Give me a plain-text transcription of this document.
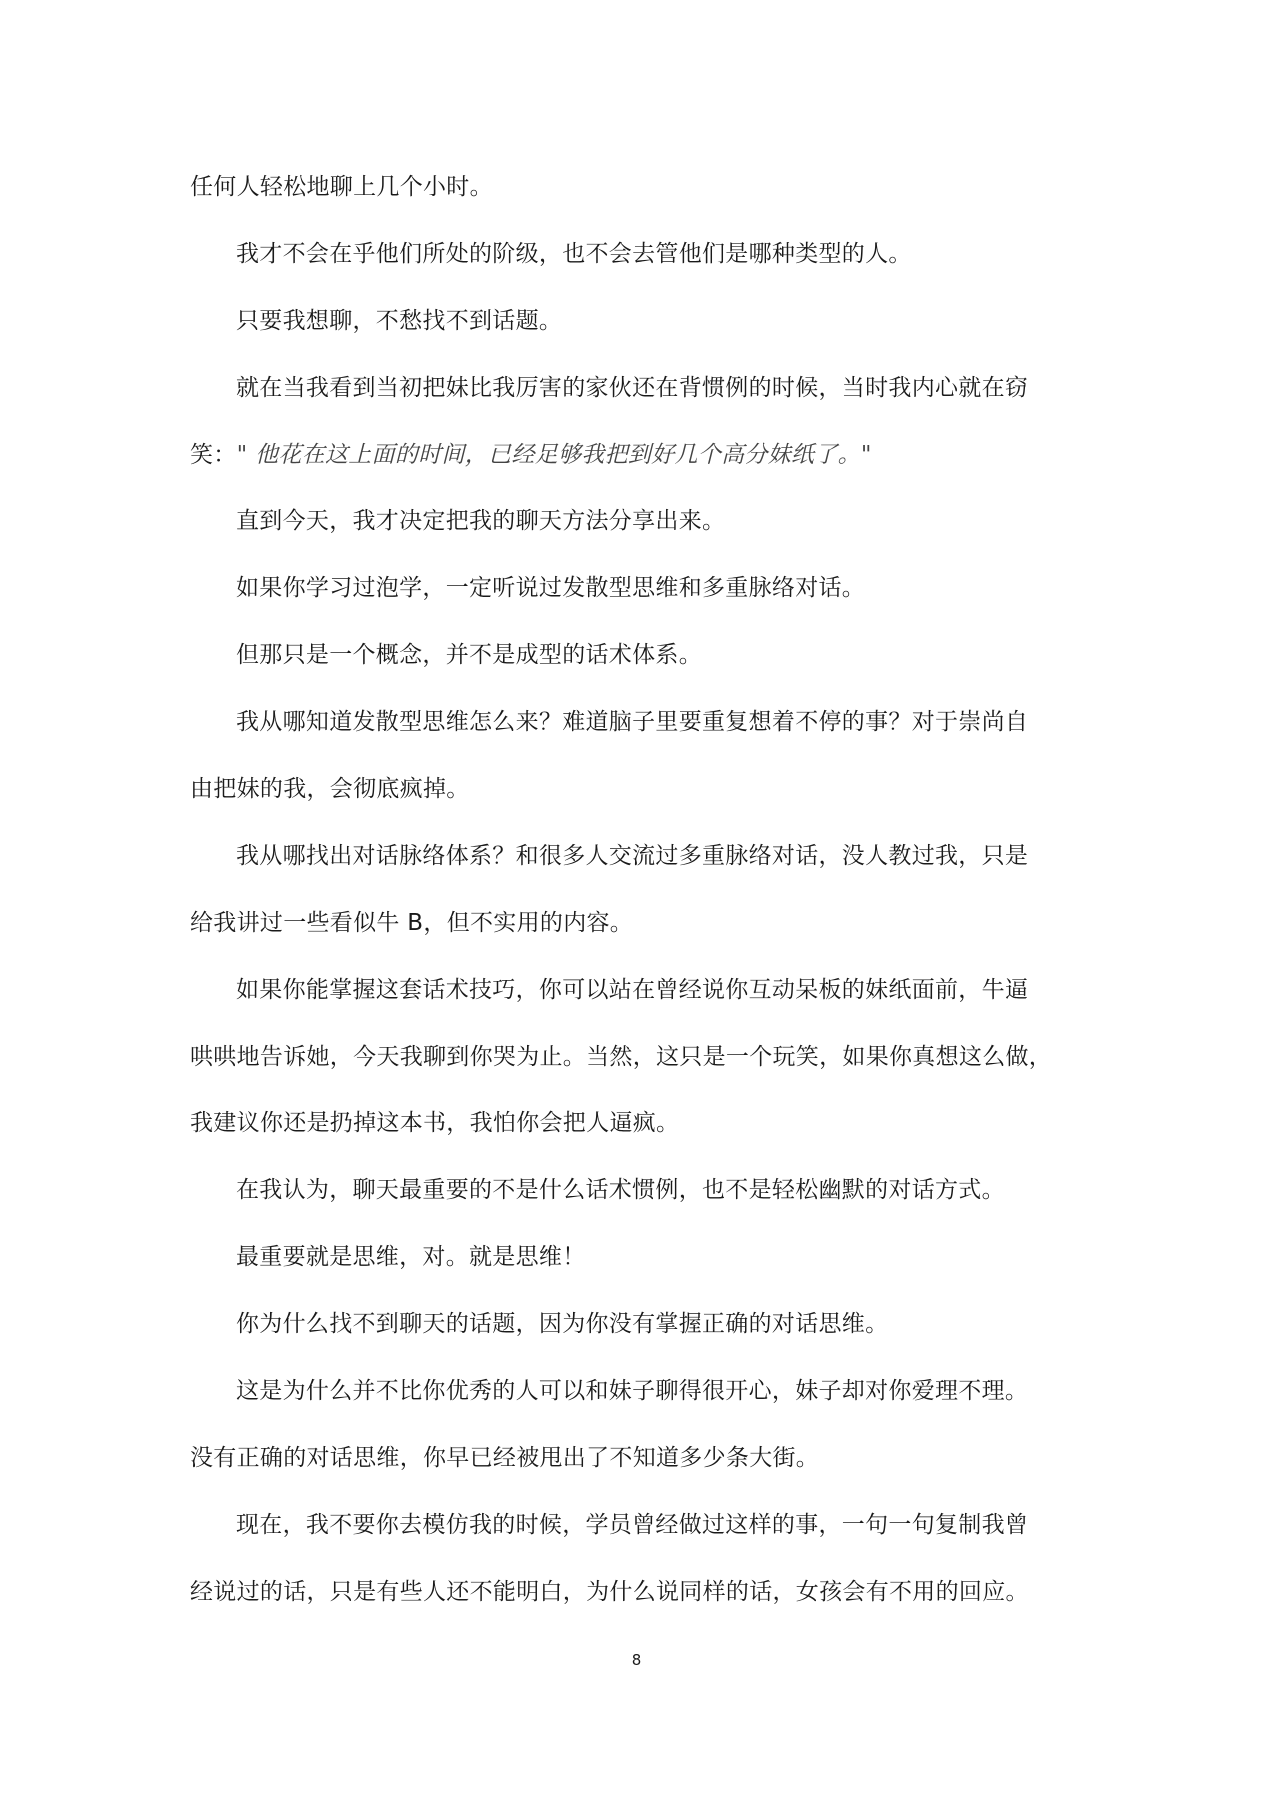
任何人轻松地聊上几个小时。
我才不会在乎他们所处的阶级，也不会去管他们是哪种类型的人。
只要我想聊，不愁找不到话题。
就在当我看到当初把妹比我厉害的家伙还在背惯例的时候，当时我内心就在窃
笑：" 他花在这上面的时间，已经足够我把到好几个高分妹纸了。"
直到今天，我才决定把我的聊天方法分享出来。
如果你学习过泡学，一定听说过发散型思维和多重脉络对话。
但那只是一个概念，并不是成型的话术体系。
我从哪知道发散型思维怎么来？难道脑子里要重复想着不停的事？对于崇尚自
由把妹的我，会彻底疯掉。
我从哪找出对话脉络体系？和很多人交流过多重脉络对话，没人教过我，只是
给我讲过一些看似牛 B，但不实用的内容。
如果你能掌握这套话术技巧，你可以站在曾经说你互动呆板的妹纸面前，牛逼
哄哄地告诉她，今天我聊到你哭为止。当然，这只是一个玩笑，如果你真想这么做，
我建议你还是扔掉这本书，我怕你会把人逼疯。
在我认为，聊天最重要的不是什么话术惯例，也不是轻松幽默的对话方式。
最重要就是思维，对。就是思维！
你为什么找不到聊天的话题，因为你没有掌握正确的对话思维。
这是为什么并不比你优秀的人可以和妹子聊得很开心，妹子却对你爱理不理。
没有正确的对话思维，你早已经被甩出了不知道多少条大街。
现在，我不要你去模仿我的时候，学员曾经做过这样的事，一句一句复制我曾
经说过的话，只是有些人还不能明白，为什么说同样的话，女孩会有不用的回应。
8
